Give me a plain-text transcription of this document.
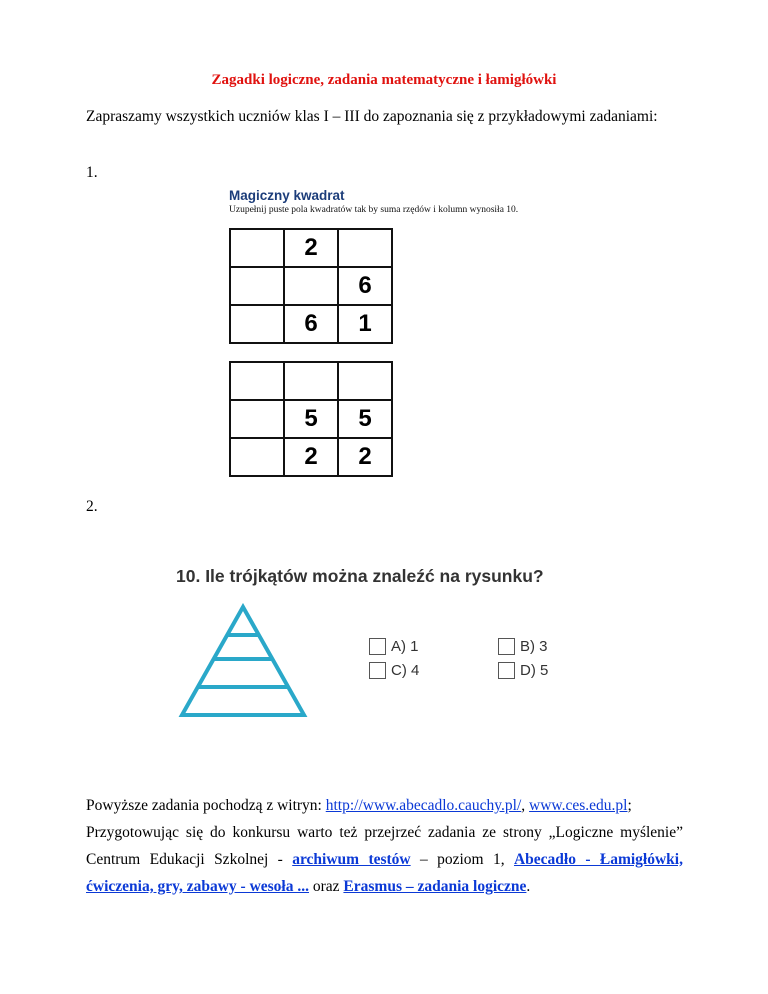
Zagadki logiczne, zadania matematyczne i łamigłówki
Zapraszamy wszystkich uczniów klas I – III do zapoznania się z przykładowymi zadaniami:
1.
Magiczny kwadrat
Uzupełnij puste pola kwadratów tak by suma rzędów i kolumn wynosiła 10.
	2	
		6
	6	1

	5	5
	2	2
2.
10. Ile trójkątów można znaleźć na rysunku?
A) 1	B) 3
C) 4	D) 5
Powyższe zadania pochodzą z witryn: http://www.abecadlo.cauchy.pl/, www.ces.edu.pl;
Przygotowując się do konkursu warto też przejrzeć zadania ze strony „Logiczne myślenie”
Centrum Edukacji Szkolnej - archiwum testów – poziom 1, Abecadło - Łamigłówki,
ćwiczenia, gry, zabawy - wesoła ... oraz Erasmus – zadania logiczne.
